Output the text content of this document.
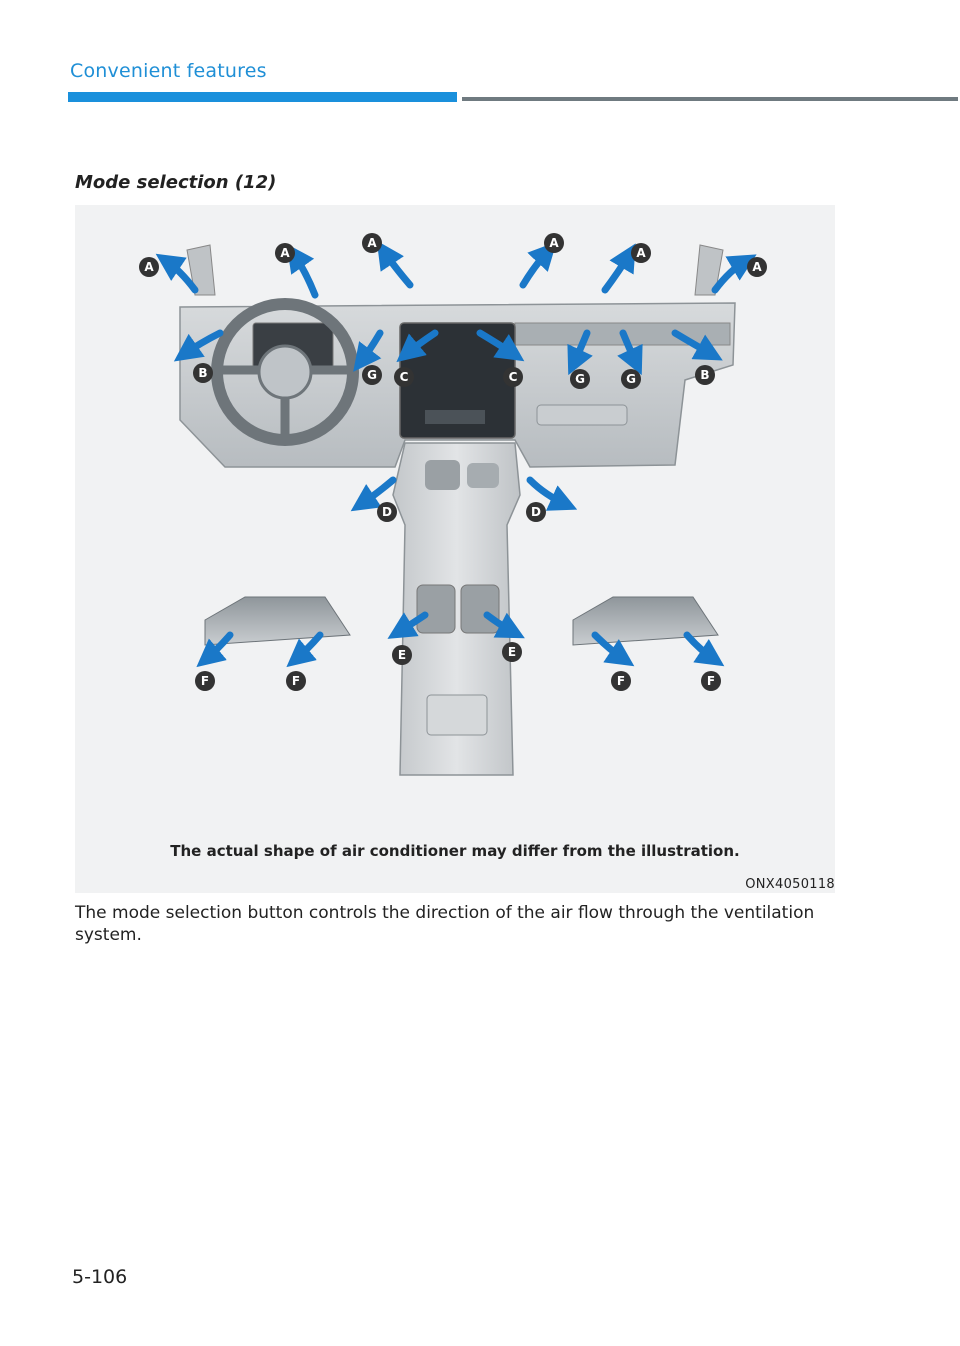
Convenient features
Mode selection (12)
A
A
A	A
A
A
B	G C	C	G	G	B
D	D
E	E
F	F	F	F
The actual shape of air conditioner may differ from the illustration.
ONX4050118
The mode selection button controls the direction of the air flow through the ventilation system.
5-106
